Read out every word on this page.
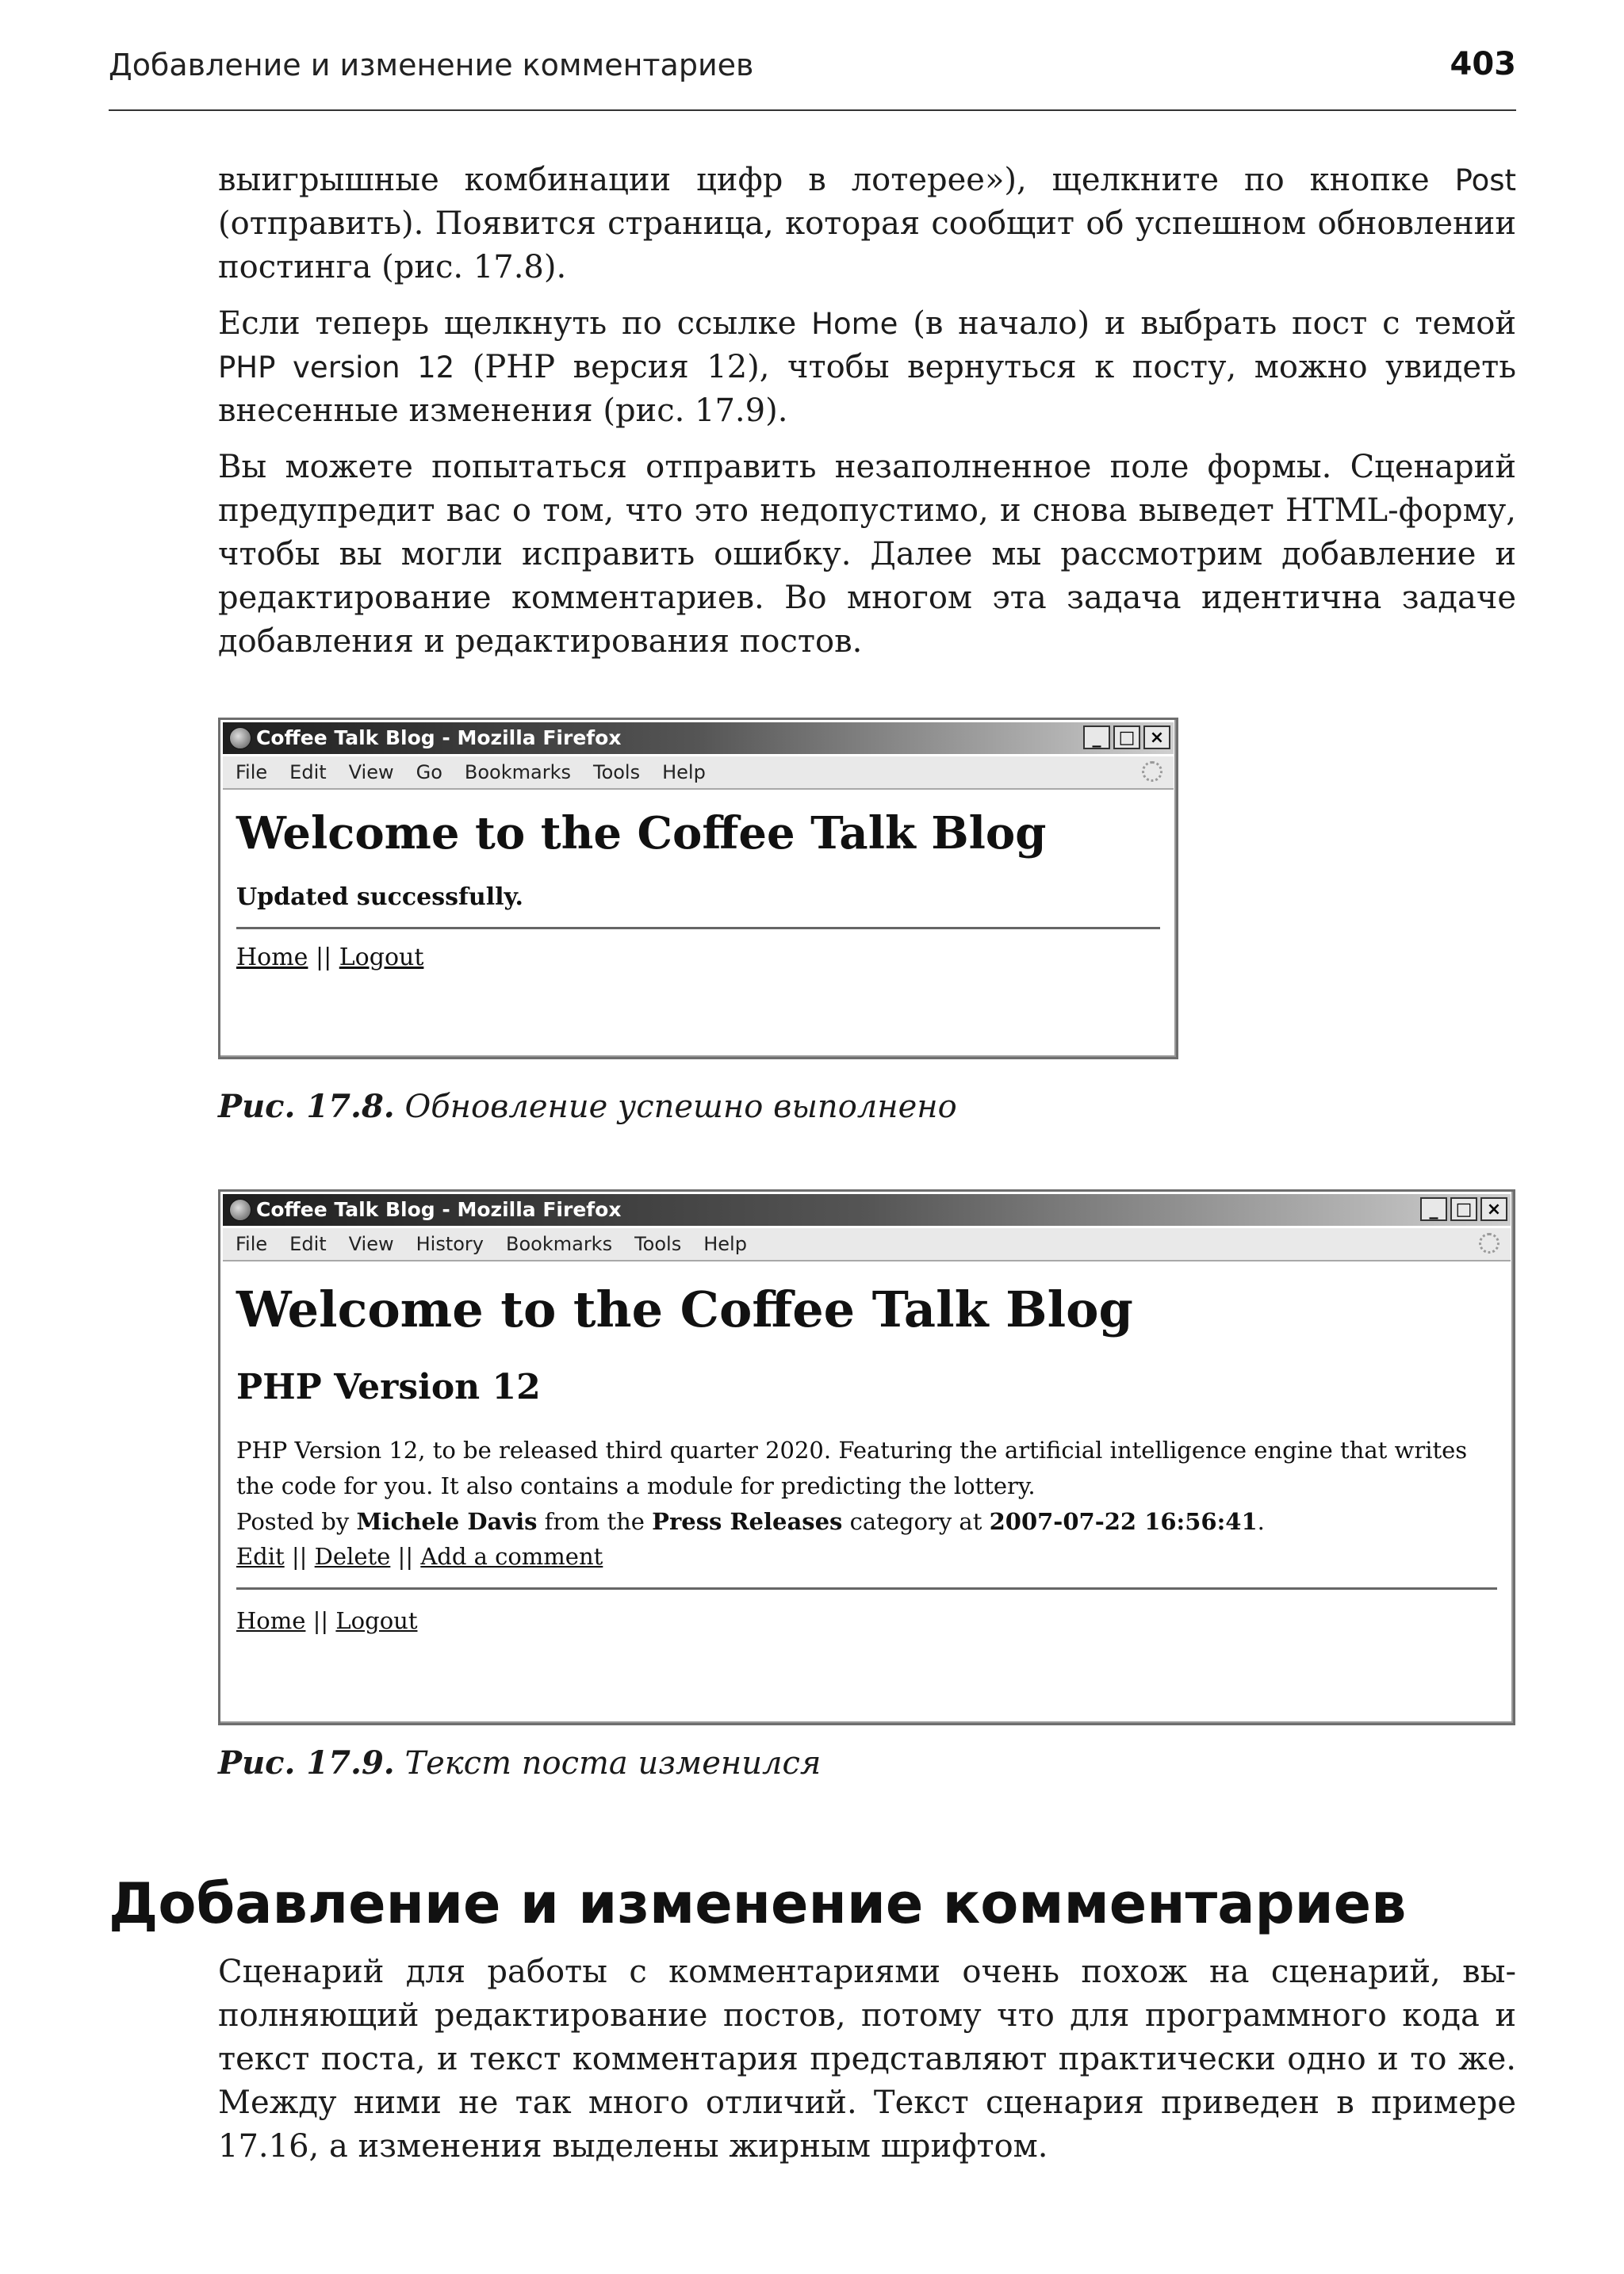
Добавление и изменение комментариев	403

выигрышные комбинации цифр в лотерее»), щелкните по кнопке Post (отправить). Появится страница, которая сообщит об успешном обновлении постинга (рис. 17.8).

Если теперь щелкнуть по ссылке Home (в начало) и выбрать пост с темой PHP version 12 (PHP версия 12), чтобы вернуться к посту, можно увидеть внесенные изменения (рис. 17.9).

Вы можете попытаться отправить незаполненное поле формы. Сценарий предупредит вас о том, что это недопустимо, и снова выведет HTML-форму, чтобы вы могли исправить ошибку. Далее мы рассмотрим добавление и редактирование комментариев. Во многом эта задача идентична задаче добавления и редактирования постов.

Coffee Talk Blog - Mozilla Firefox	_	□ ×
File Edit View Go Bookmarks Tools Help
Welcome to the Coffee Talk Blog
Updated successfully.
Home || Logout
Рис. 17.8. Обновление успешно выполнено
Coffee Talk Blog - Mozilla Firefox	_	□ ×
File Edit View History Bookmarks Tools Help
Welcome to the Coffee Talk Blog
PHP Version 12
PHP Version 12, to be released third quarter 2020. Featuring the artificial intelligence engine that writes the code for you. It also contains a module for predicting the lottery.
Posted by Michele Davis from the Press Releases category at 2007-07-22 16:56:41.
Edit || Delete || Add a comment
Home || Logout
Рис. 17.9. Текст поста изменился
Добавление и изменение комментариев

Сценарий для работы с комментариями очень похож на сценарий, выполняющий редактирование постов, потому что для программного кода и текст поста, и текст комментария представляют практически одно и то же. Между ними не так много отличий. Текст сценария приведен в примере 17.16, а изменения выделены жирным шрифтом.
